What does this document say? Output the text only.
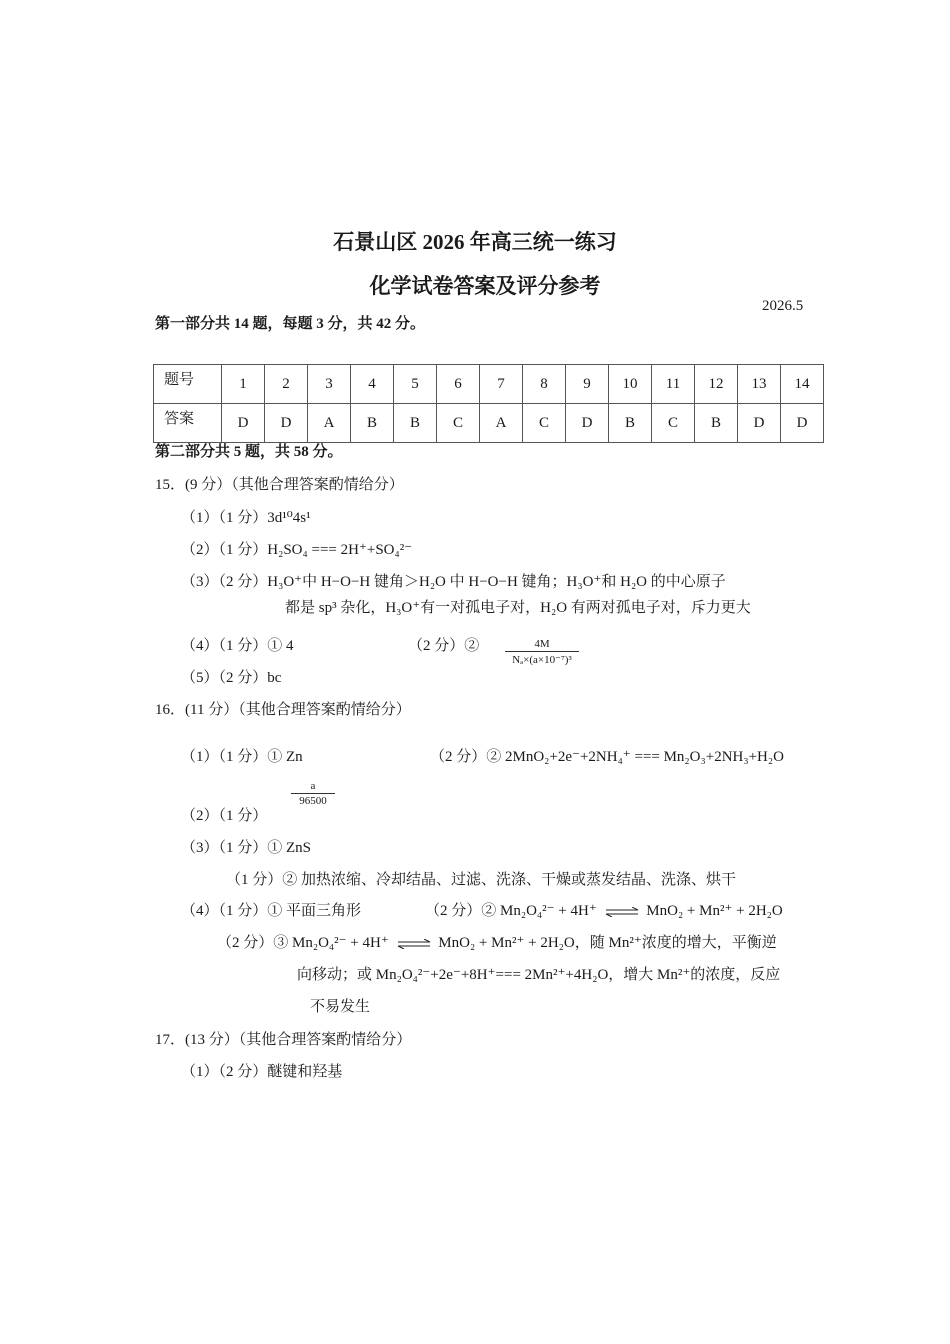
石景山区 2026 年高三统一练习
化学试卷答案及评分参考
2026.5
第一部分共 14 题，每题 3 分，共 42 分。
题号	1	2	3	4	5	6	7	8	9	10	11	12	13	14
答案	D	D	A	B	B	C	A	C	D	B	C	B	D	D
第二部分共 5 题，共 58 分。
15．(9 分）（其他合理答案酌情给分）
（1）（1 分）3d¹⁰4s¹
（2）（1 分）H₂SO₄ === 2H⁺+SO₄²⁻
（3）（2 分）H₃O⁺中 H−O−H 键角＞H₂O 中 H−O−H 键角；H₃O⁺和 H₂O 的中心原子
都是 sp³ 杂化，H₃O⁺有一对孤电子对，H₂O 有两对孤电子对，斥力更大
（4）（1 分）① 4	（2 分）② $\frac{4M}{\text{Nₐ×(a×10⁻⁷)³}}$
（5）（2 分）bc
16．(11 分）（其他合理答案酌情给分）
（1）（1 分）① Zn	（2 分）② 2MnO₂+2e⁻+2NH₄⁺ === Mn₂O₃+2NH₃+H₂O
（2）（1 分）
$\frac{a}{96500}$
（3）（1 分）① ZnS
（1 分）② 加热浓缩、冷却结晶、过滤、洗涤、干燥或蒸发结晶、洗涤、烘干
（4）（1 分）① 平面三角形	（2 分）② Mn₂O₄²⁻ + 4H⁺ ⇌ MnO₂ + Mn²⁺ + 2H₂O
（2 分）③ Mn₂O₄²⁻ + 4H⁺ ⇌ MnO₂ + Mn²⁺ + 2H₂O，随 Mn²⁺浓度的增大，平衡逆
向移动；或 Mn₂O₄²⁻+2e⁻+8H⁺=== 2Mn²⁺+4H₂O，增大 Mn²⁺的浓度，反应
不易发生
17．(13 分）（其他合理答案酌情给分）
（1）（2 分）醚键和羟基
